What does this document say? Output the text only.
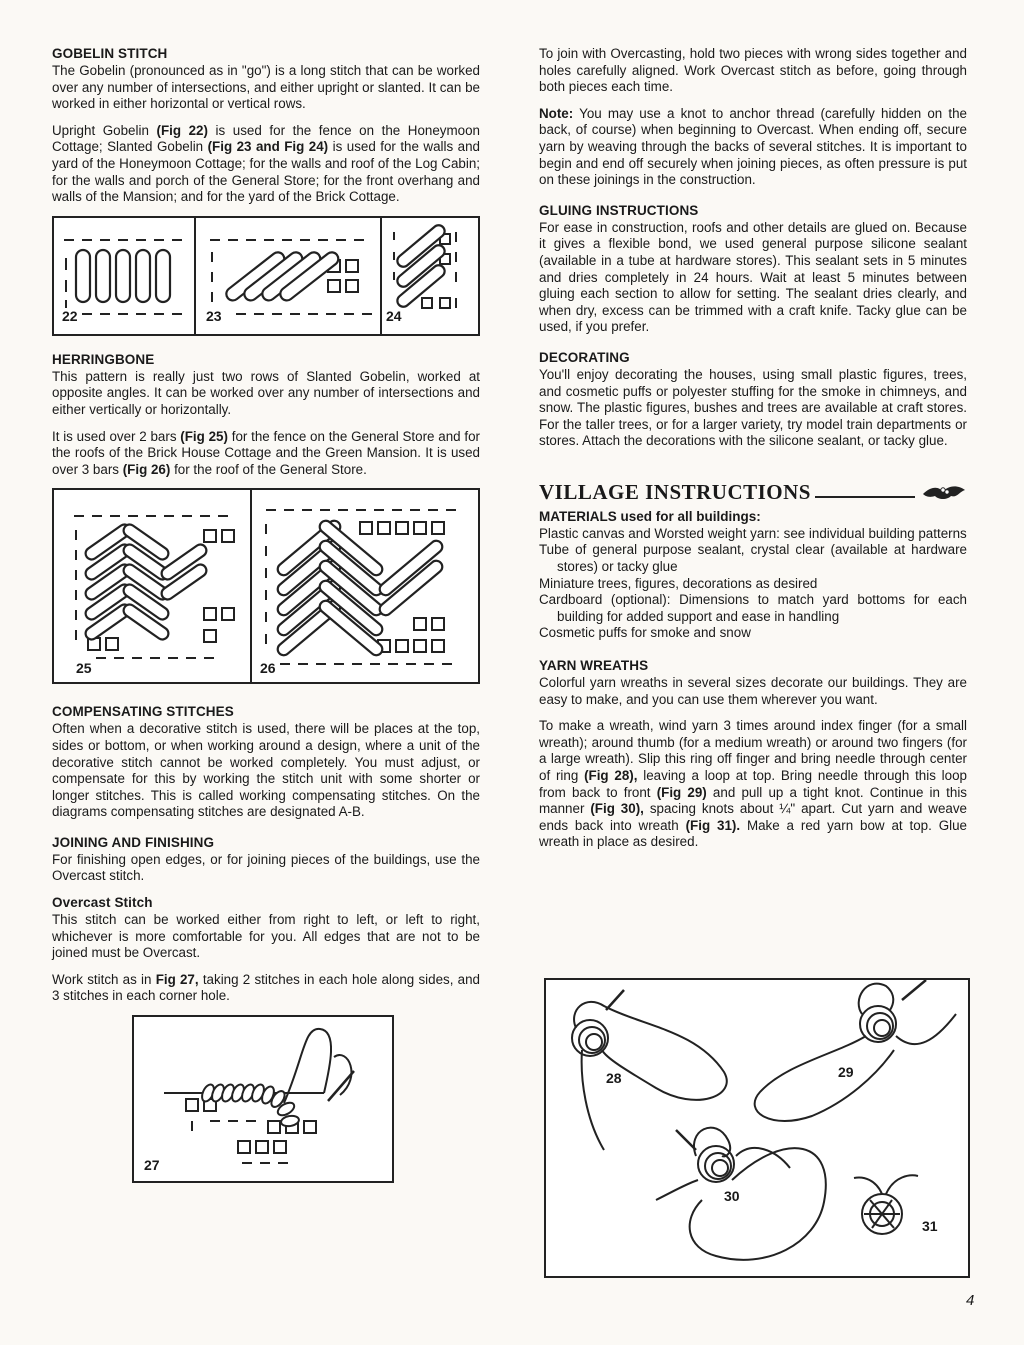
GOBELIN STITCH

The Gobelin (pronounced as in "go") is a long stitch that can be worked over any number of intersections, and either upright or slanted. It can be worked in either horizontal or vertical rows.

Upright Gobelin (Fig 22) is used for the fence on the Honeymoon Cottage; Slanted Gobelin (Fig 23 and Fig 24) is used for the walls and yard of the Honeymoon Cottage; for the walls and roof of the Log Cabin; for the walls and porch of the General Store; for the front overhang and walls of the Mansion; and for the yard of the Brick Cottage.

22	23	24
HERRINGBONE

This pattern is really just two rows of Slanted Gobelin, worked at opposite angles. It can be worked over any number of intersections and either vertically or horizontally.

It is used over 2 bars (Fig 25) for the fence on the General Store and for the roofs of the Brick House Cottage and the Green Mansion. It is used over 3 bars (Fig 26) for the roof of the General Store.

25	26
COMPENSATING STITCHES

Often when a decorative stitch is used, there will be places at the top, sides or bottom, or when working around a design, where a unit of the decorative stitch cannot be worked completely. You must adjust, or compensate for this by working the stitch unit with some shorter or longer stitches. This is called working compensating stitches. On the diagrams compensating stitches are designated A-B.

JOINING AND FINISHING

For finishing open edges, or for joining pieces of the buildings, use the Overcast stitch.

Overcast Stitch

This stitch can be worked either from right to left, or left to right, whichever is more comfortable for you. All edges that are not to be joined must be Overcast.

Work stitch as in Fig 27, taking 2 stitches in each hole along sides, and 3 stitches in each corner hole.

27

To join with Overcasting, hold two pieces with wrong sides together and holes carefully aligned. Work Overcast stitch as before, going through both pieces each time.

Note: You may use a knot to anchor thread (carefully hidden on the back, of course) when beginning to Overcast. When ending off, secure yarn by weaving through the backs of several stitches. It is important to begin and end off securely when joining pieces, as often pressure is put on these joinings in the construction.

GLUING INSTRUCTIONS

For ease in construction, roofs and other details are glued on. Because it gives a flexible bond, we used general purpose silicone sealant (available in a tube at hardware stores). This sealant sets in 5 minutes and dries completely in 24 hours. Wait at least 5 minutes between gluing each section to allow for setting. The sealant dries clearly, and when dry, excess can be trimmed with a craft knife. Tacky glue can be used, if you prefer.

DECORATING

You'll enjoy decorating the houses, using small plastic figures, trees, and cosmetic puffs or polyester stuffing for the smoke in chimneys, and snow. The plastic figures, bushes and trees are available at craft stores. For the taller trees, or for a larger variety, try model train departments or stores. Attach the decorations with the silicone sealant, or tacky glue.

VILLAGE INSTRUCTIONS
MATERIALS used for all buildings:
Plastic canvas and Worsted weight yarn: see individual building patterns
Tube of general purpose sealant, crystal clear (available at hardware stores) or tacky glue
Miniature trees, figures, decorations as desired
Cardboard (optional): Dimensions to match yard bottoms for each building for added support and ease in handling
Cosmetic puffs for smoke and snow
YARN WREATHS

Colorful yarn wreaths in several sizes decorate our buildings. They are easy to make, and you can use them wherever you want.

To make a wreath, wind yarn 3 times around index finger (for a small wreath); around thumb (for a medium wreath) or around two fingers (for a large wreath). Slip this ring off finger and bring needle through center of ring (Fig 28), leaving a loop at top. Bring needle through this loop from back to front (Fig 29) and pull up a tight knot. Continue in this manner (Fig 30), spacing knots about ¼" apart. Cut yarn and weave ends back into wreath (Fig 31). Make a red yarn bow at top. Glue wreath in place as desired.

28	29
30
31
4
